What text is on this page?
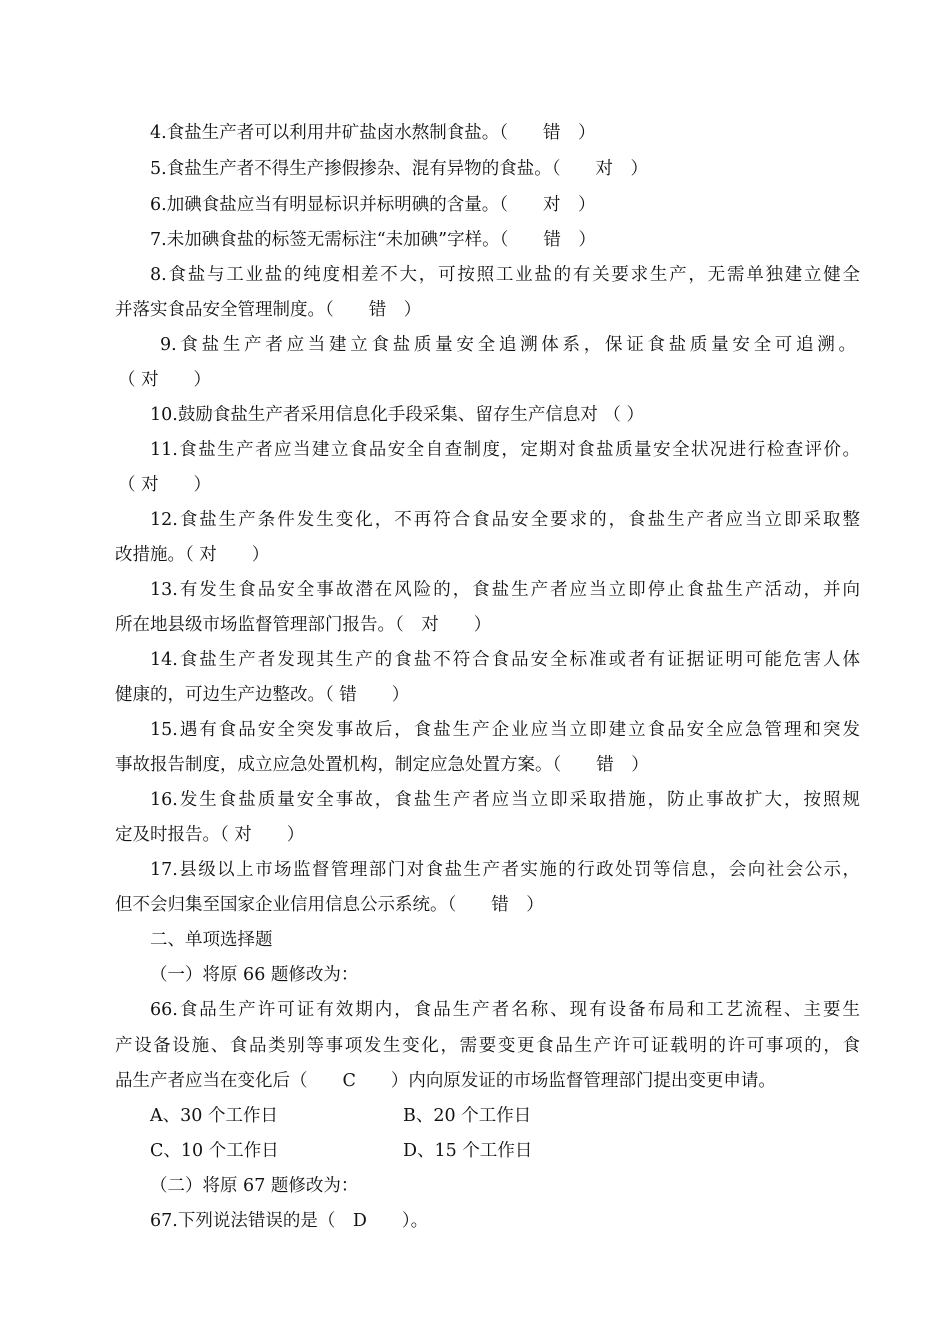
4.食盐生产者可以利用井矿盐卤水熬制食盐。（　　错　）
5.食盐生产者不得生产掺假掺杂、混有异物的食盐。（　　对　）
6.加碘食盐应当有明显标识并标明碘的含量。（　　对　）
7.未加碘食盐的标签无需标注“未加碘”字样。（　　错　）
8.食盐与工业盐的纯度相差不大，可按照工业盐的有关要求生产，无需单独建立健全
并落实食品安全管理制度。（　　错　）
9.食盐生产者应当建立食盐质量安全追溯体系，保证食盐质量安全可追溯。
（ 对　　）
10.鼓励食盐生产者采用信息化手段采集、留存生产信息对 （ ）
11.食盐生产者应当建立食品安全自查制度，定期对食盐质量安全状况进行检查评价。
（ 对　　）
12.食盐生产条件发生变化，不再符合食品安全要求的，食盐生产者应当立即采取整
改措施。（ 对　　）
13.有发生食品安全事故潜在风险的，食盐生产者应当立即停止食盐生产活动，并向
所在地县级市场监督管理部门报告。（　对　　）
14.食盐生产者发现其生产的食盐不符合食品安全标准或者有证据证明可能危害人体
健康的，可边生产边整改。（ 错　　）
15.遇有食品安全突发事故后，食盐生产企业应当立即建立食品安全应急管理和突发
事故报告制度，成立应急处置机构，制定应急处置方案。（　　错　）
16.发生食盐质量安全事故，食盐生产者应当立即采取措施，防止事故扩大，按照规
定及时报告。（ 对　　）
17.县级以上市场监督管理部门对食盐生产者实施的行政处罚等信息，会向社会公示，
但不会归集至国家企业信用信息公示系统。（　　错　）
二、单项选择题
（一）将原 66 题修改为：
66.食品生产许可证有效期内，食品生产者名称、现有设备布局和工艺流程、主要生
产设备设施、食品类别等事项发生变化，需要变更食品生产许可证载明的许可事项的，食
品生产者应当在变化后（　　C　　）内向原发证的市场监督管理部门提出变更申请。
A、30 个工作日	B、20 个工作日
C、10 个工作日	D、15 个工作日
（二）将原 67 题修改为：
67.下列说法错误的是（　D　　）。
